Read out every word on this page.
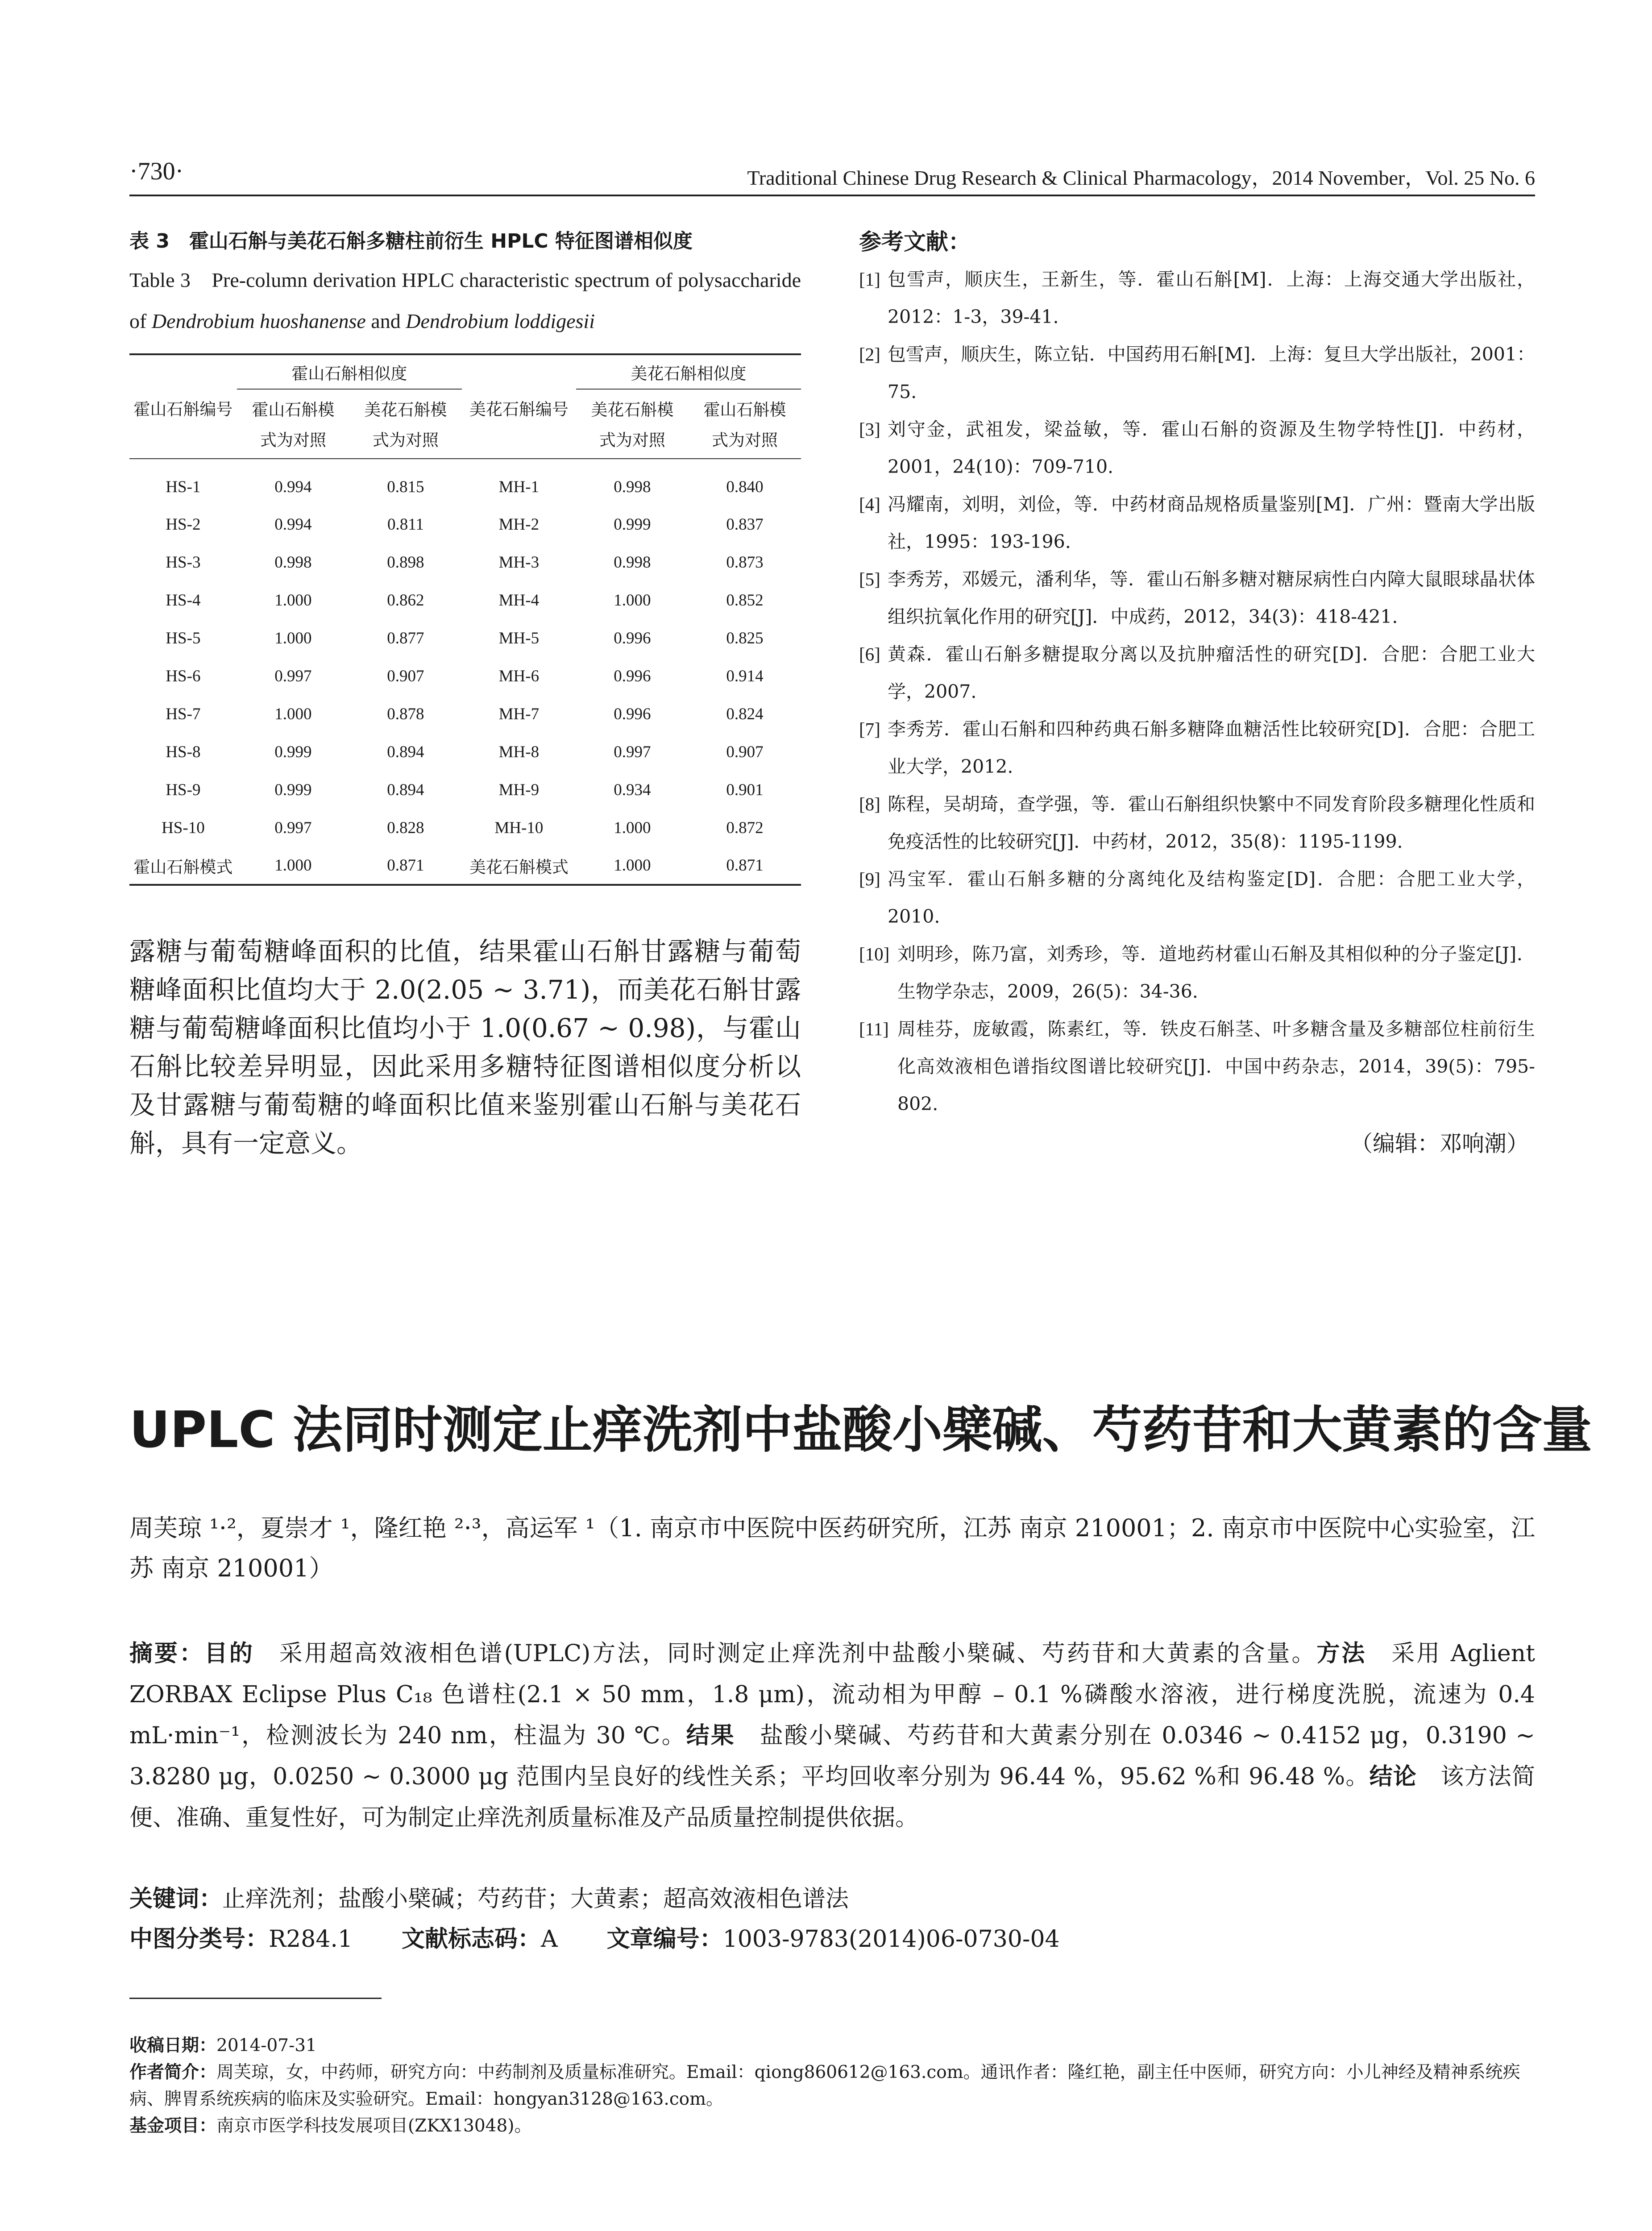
·730·	Traditional Chinese Drug Research & Clinical Pharmacology，2014 November，Vol. 25 No. 6
表 3　霍山石斛与美花石斛多糖柱前衍生 HPLC 特征图谱相似度
Table 3　Pre-column derivation HPLC characteristic spectrum of polysaccharide　of Dendrobium huoshanense and Dendrobium loddigesii
	霍山石斛相似度			美花石斛相似度	
霍山石斛编号	霍山石斛模	美花石斛模	美花石斛编号	美花石斛模	霍山石斛模
	式为对照	式为对照		式为对照	式为对照
HS-1	0.994	0.815	MH-1	0.998	0.840
HS-2	0.994	0.811	MH-2	0.999	0.837
HS-3	0.998	0.898	MH-3	0.998	0.873
HS-4	1.000	0.862	MH-4	1.000	0.852
HS-5	1.000	0.877	MH-5	0.996	0.825
HS-6	0.997	0.907	MH-6	0.996	0.914
HS-7	1.000	0.878	MH-7	0.996	0.824
HS-8	0.999	0.894	MH-8	0.997	0.907
HS-9	0.999	0.894	MH-9	0.934	0.901
HS-10	0.997	0.828	MH-10	1.000	0.872
霍山石斛模式	1.000	0.871	美花石斛模式	1.000	0.871
露糖与葡萄糖峰面积的比值，结果霍山石斛甘露糖与葡萄糖峰面积比值均大于 2.0(2.05 ~ 3.71)，而美花石斛甘露糖与葡萄糖峰面积比值均小于 1.0(0.67 ~ 0.98)，与霍山石斛比较差异明显，因此采用多糖特征图谱相似度分析以及甘露糖与葡萄糖的峰面积比值来鉴别霍山石斛与美花石斛，具有一定意义。
参考文献：
[1] 包雪声，顺庆生，王新生，等．霍山石斛[M]．上海：上海交通大学出版社，2012：1-3，39-41.
[2] 包雪声，顺庆生，陈立钻．中国药用石斛[M]．上海：复旦大学出版社，2001：75.
[3] 刘守金，武祖发，梁益敏，等．霍山石斛的资源及生物学特性[J]．中药材，2001，24(10)：709-710.
[4] 冯耀南，刘明，刘俭，等．中药材商品规格质量鉴别[M]．广州：暨南大学出版社，1995：193-196.
[5] 李秀芳，邓媛元，潘利华，等．霍山石斛多糖对糖尿病性白内障大鼠眼球晶状体组织抗氧化作用的研究[J]．中成药，2012，34(3)：418-421.
[6] 黄森．霍山石斛多糖提取分离以及抗肿瘤活性的研究[D]．合肥：合肥工业大学，2007.
[7] 李秀芳．霍山石斛和四种药典石斛多糖降血糖活性比较研究[D]．合肥：合肥工业大学，2012.
[8] 陈程，吴胡琦，查学强，等．霍山石斛组织快繁中不同发育阶段多糖理化性质和免疫活性的比较研究[J]．中药材，2012，35(8)：1195-1199.
[9] 冯宝军．霍山石斛多糖的分离纯化及结构鉴定[D]．合肥：合肥工业大学，2010.
[10] 刘明珍，陈乃富，刘秀珍，等．道地药材霍山石斛及其相似种的分子鉴定[J]．生物学杂志，2009，26(5)：34-36.
[11] 周桂芬，庞敏霞，陈素红，等．铁皮石斛茎、叶多糖含量及多糖部位柱前衍生化高效液相色谱指纹图谱比较研究[J]．中国中药杂志，2014，39(5)：795-802.
（编辑：邓响潮）
UPLC 法同时测定止痒洗剂中盐酸小檗碱、芍药苷和大黄素的含量
周芙琼 ¹·²，夏崇才 ¹，隆红艳 ²·³，高运军 ¹（1. 南京市中医院中医药研究所，江苏 南京 210001；2. 南京市中医院中心实验室，江苏 南京 210001）
摘要：目的　采用超高效液相色谱(UPLC)方法，同时测定止痒洗剂中盐酸小檗碱、芍药苷和大黄素的含量。方法　采用 Aglient ZORBAX Eclipse Plus C₁₈ 色谱柱(2.1 × 50 mm，1.8 μm)，流动相为甲醇 – 0.1 %磷酸水溶液，进行梯度洗脱，流速为 0.4 mL·min⁻¹，检测波长为 240 nm，柱温为 30 ℃。结果　盐酸小檗碱、芍药苷和大黄素分别在 0.0346 ~ 0.4152 μg，0.3190 ~ 3.8280 μg，0.0250 ~ 0.3000 μg 范围内呈良好的线性关系；平均回收率分别为 96.44 %，95.62 %和 96.48 %。结论　该方法简便、准确、重复性好，可为制定止痒洗剂质量标准及产品质量控制提供依据。
关键词：止痒洗剂；盐酸小檗碱；芍药苷；大黄素；超高效液相色谱法
中图分类号：R284.1 文献标志码：A 文章编号：1003-9783(2014)06-0730-04
收稿日期：2014-07-31
作者简介：周芙琼，女，中药师，研究方向：中药制剂及质量标准研究。Email：qiong860612@163.com。通讯作者：隆红艳，副主任中医师，研究方向：小儿神经及精神系统疾病、脾胃系统疾病的临床及实验研究。Email：hongyan3128@163.com。
基金项目：南京市医学科技发展项目(ZKX13048)。
